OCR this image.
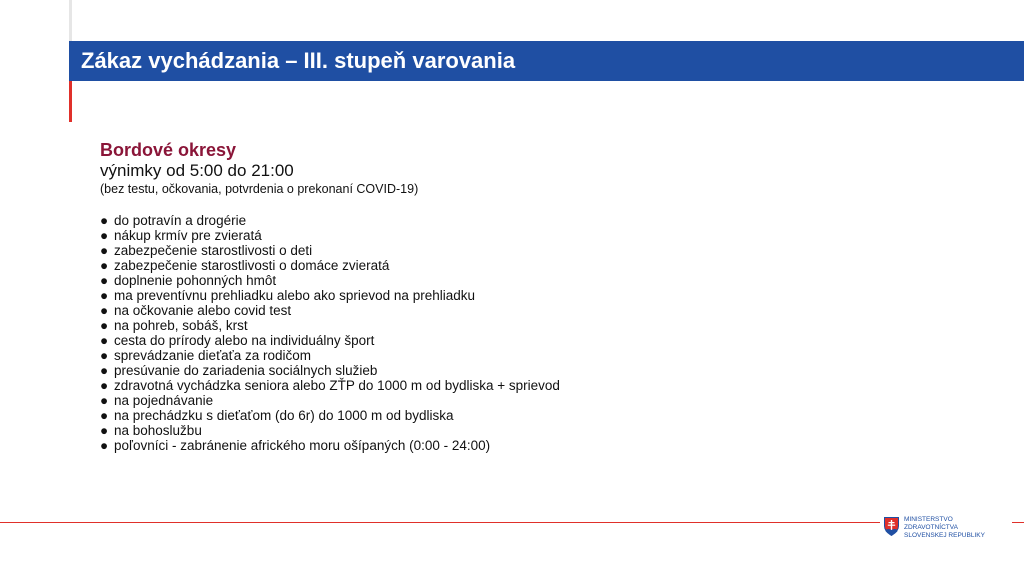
Zákaz vychádzania – III. stupeň varovania

Bordové okresy

výnimky od 5:00 do 21:00

(bez testu, očkovania, potvrdenia o prekonaní COVID-19)

● do potravín a drogérie
● nákup krmív pre zvieratá
● zabezpečenie starostlivosti o deti
● zabezpečenie starostlivosti o domáce zvieratá
● doplnenie pohonných hmôt
● ma preventívnu prehliadku alebo ako sprievod na prehliadku
● na očkovanie alebo covid test
● na pohreb, sobáš, krst
● cesta do prírody alebo na individuálny šport
● sprevádzanie dieťaťa za rodičom
● presúvanie do zariadenia sociálnych služieb
● zdravotná vychádzka seniora alebo ZŤP do 1000 m od bydliska + sprievod
● na pojednávanie
● na prechádzku s dieťaťom (do 6r) do 1000 m od bydliska
● na bohoslužbu
● poľovníci - zabránenie afrického moru ošípaných (0:00 - 24:00)
MINISTERSTVO
ZDRAVOTNÍCTVA
SLOVENSKEJ REPUBLIKY
